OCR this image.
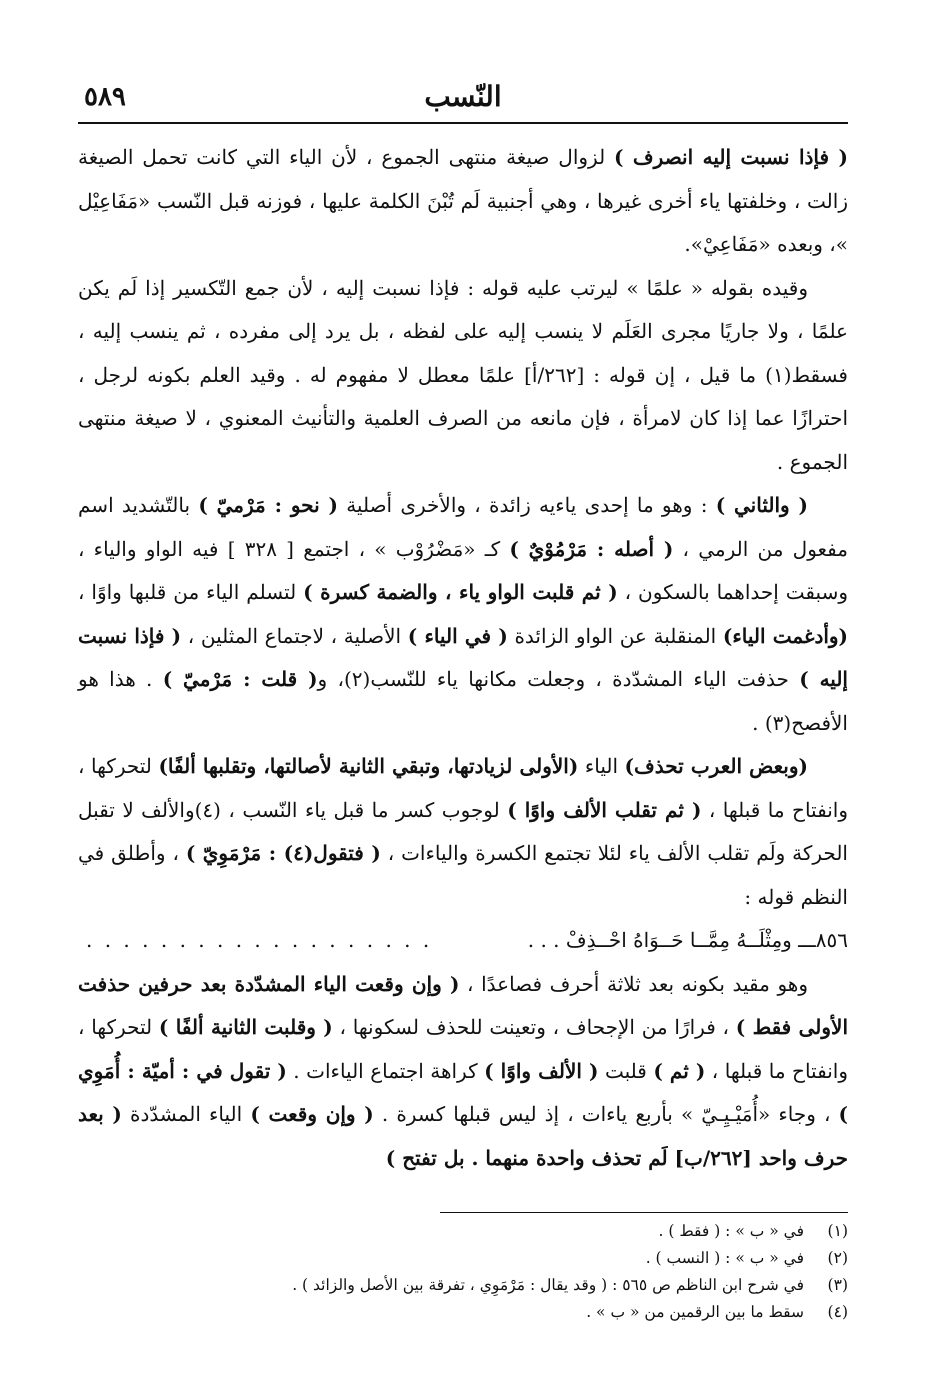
٥٨٩	النّسب

( فإذا نسبت إليه انصرف ) لزوال صيغة منتهى الجموع ، لأن الياء التي كانت تحمل الصيغة زالت ، وخلفتها ياء أخرى غيرها ، وهي أجنبية لَم تُبْنَ الكلمة عليها ، فوزنه قبل النّسب «مَفَاعِيْل »، وبعده «مَفَاعِيْ».

وقيده بقوله « علمًا » ليرتب عليه قوله : فإذا نسبت إليه ، لأن جمع التّكسير إذا لَم يكن علمًا ، ولا جاريًا مجرى العَلَم لا ينسب إليه على لفظه ، بل يرد إلى مفرده ، ثم ينسب إليه ، فسقط(١) ما قيل ، إن قوله : [٢٦٢/أ] علمًا معطل لا مفهوم له . وقيد العلم بكونه لرجل ، احترازًا عما إذا كان لامرأة ، فإن مانعه من الصرف العلمية والتأنيث المعنوي ، لا صيغة منتهى الجموع .

( والثاني ) : وهو ما إحدى ياءيه زائدة ، والأخرى أصلية ( نحو : مَرْميّ ) بالتّشديد اسم مفعول من الرمي ، ( أصله : مَرْمُوْيٌ ) كـ «مَضْرُوْب » ، اجتمع [ ٣٢٨ ] فيه الواو والياء ، وسبقت إحداهما بالسكون ، ( ثم قلبت الواو ياء ، والضمة كسرة ) لتسلم الياء من قلبها واوًا ، (وأدغمت الياء) المنقلبة عن الواو الزائدة ( في الياء ) الأصلية ، لاجتماع المثلين ، ( فإذا نسبت إليه ) حذفت الياء المشدّدة ، وجعلت مكانها ياء للنّسب(٢)، و( قلت : مَرْميّ ) . هذا هو الأفصح(٣) .

(وبعض العرب تحذف) الياء (الأولى لزيادتها، وتبقي الثانية لأصالتها، وتقلبها ألفًا) لتحركها ، وانفتاح ما قبلها ، ( ثم تقلب الألف واوًا ) لوجوب كسر ما قبل ياء النّسب ، (٤)والألف لا تقبل الحركة ولَم تقلب الألف ياء لئلا تجتمع الكسرة والياءات ، ( فتقول(٤) : مَرْمَوِيّ ) ، وأطلق في النظم قوله :

٨٥٦ـــ ومِثْلَــهُ مِمَّــا حَــوَاهُ احْــذِفْ . . .
. . . . . . . . . . . . . . . . . . .

وهو مقيد بكونه بعد ثلاثة أحرف فصاعدًا ، ( وإن وقعت الياء المشدّدة بعد حرفين حذفت الأولى فقط ) ، فرارًا من الإجحاف ، وتعينت للحذف لسكونها ، ( وقلبت الثانية ألفًا ) لتحركها ، وانفتاح ما قبلها ، ( ثم ) قلبت ( الألف واوًا ) كراهة اجتماع الياءات . ( تقول في : أميّة : أُمَوِي ) ، وجاء «أُمَيْـيِـيّ » بأربع ياءات ، إذ ليس قبلها كسرة . ( وإن وقعت ) الياء المشدّدة ( بعد حرف واحد [٢٦٢/ب] لَم تحذف واحدة منهما . بل تفتح )

(١)
في « ب » : ( فقط ) .
(٢)
في « ب » : ( النسب ) .
(٣)
في شرح ابن الناظم ص ٥٦٥ : ( وقد يقال : مَرْمَوِي ، تفرقة بين الأصل والزائد ) .
(٤)
سقط ما بين الرقمين من « ب » .
